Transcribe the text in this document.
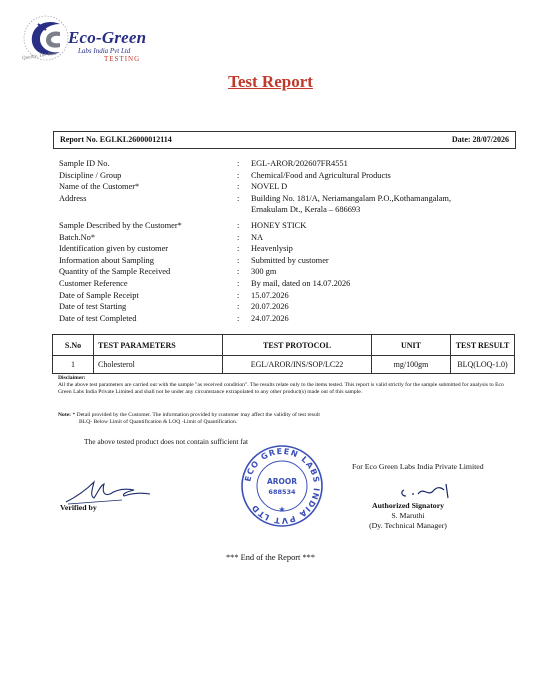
Eco-Green
Labs India Pvt Ltd
TESTING
Quality, The Best
Test Report
Report No. EGLKL26000012114	Date: 28/07/2026
Sample ID No.	:	EGL-AROR/202607FR4551
Discipline / Group	:	Chemical/Food and Agricultural Products
Name of the Customer*	:	NOVEL D
Address	:	Building No. 181/A, Neriamangalam P.O.,Kothamangalam,
Ernakulam Dt., Kerala – 686693
Sample Described by the Customer*	:	HONEY STICK
Batch.No*	:	NA
Identification given by customer	:	Heavenlysip
Information about Sampling	:	Submitted by customer
Quantity of the Sample Received	:	300 gm
Customer Reference	:	By mail, dated on 14.07.2026
Date of Sample Receipt	:	15.07.2026
Date of test Starting	:	20.07.2026
Date of test Completed	:	24.07.2026
S.No	TEST PARAMETERS	TEST PROTOCOL	UNIT	TEST RESULT
1	Cholesterol	EGL/AROR/INS/SOP/LC22	mg/100gm	BLQ(LOQ-1.0)
Disclaimer:
All the above test parameters are carried out with the sample "as received condition". The results relate only to the items tested. This report is valid strictly for the sample submitted for analysis to Eco Green Labs India Private Limited and shall not be under any circumstance extrapolated to any other product(s) made out of this sample.
Note: * Detail provided by the Customer. The information provided by customer may affect the validity of test result
BLQ- Below Limit of Quantification & LOQ -Limit of Quantification.
The above tested product does not contain sufficient fat
ECO GREEN LABS INDIA PVT LTD
AROOR
688534
★
For Eco Green Labs India Private Limited
Verified by	Authorized Signatory
S. Maruthi
(Dy. Technical Manager)
*** End of the Report ***
